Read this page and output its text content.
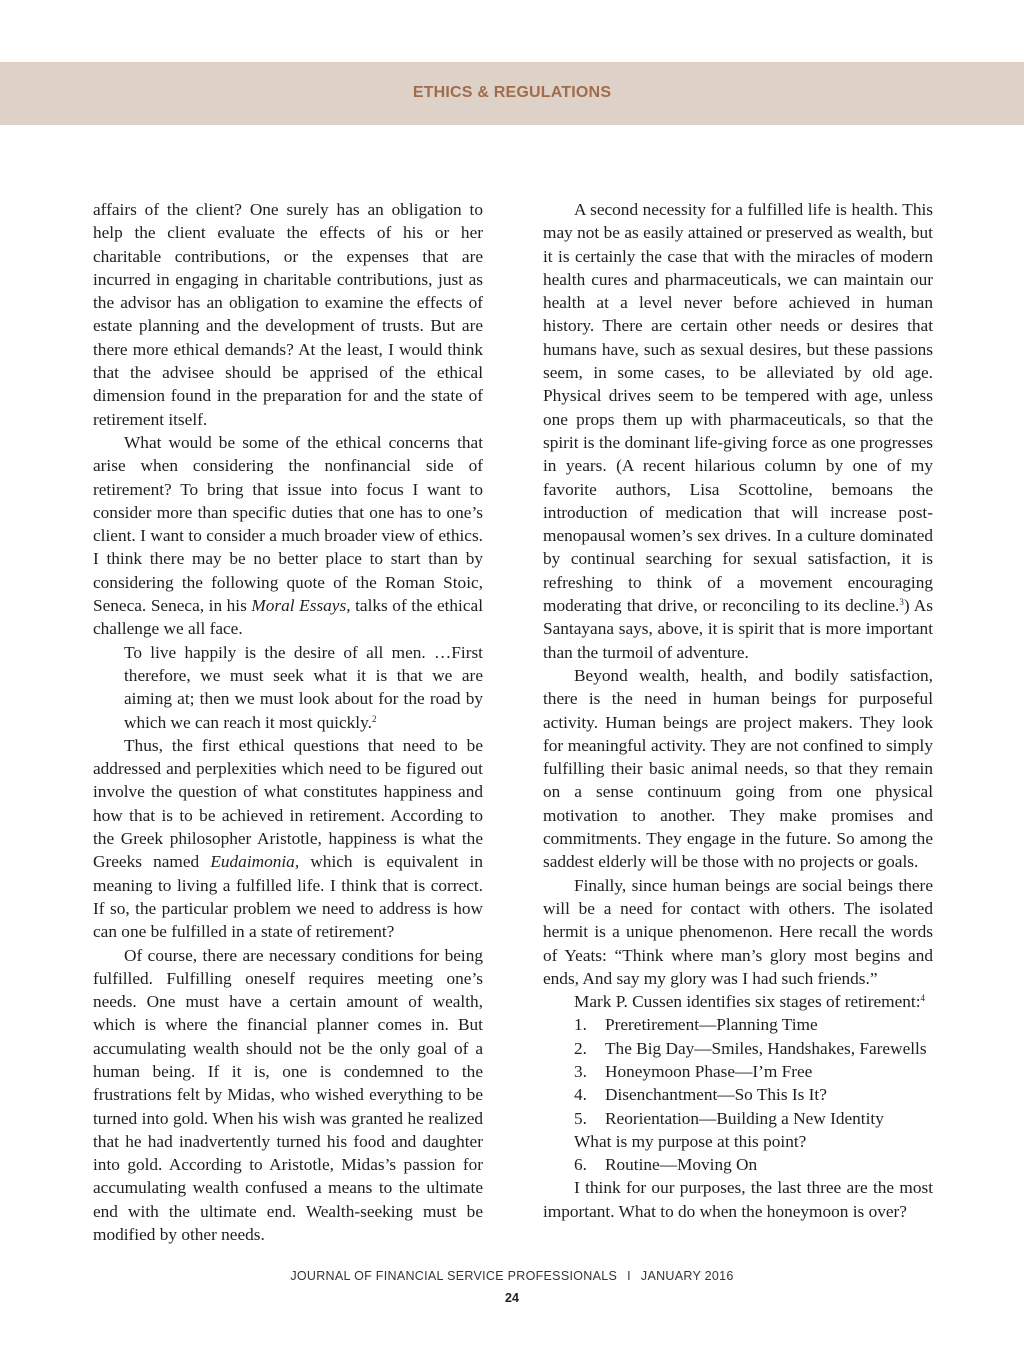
ETHICS & REGULATIONS

affairs of the client? One surely has an obligation to help the client evaluate the effects of his or her charitable contributions, or the expenses that are incurred in engaging in charitable contributions, just as the advisor has an obligation to examine the effects of estate planning and the development of trusts. But are there more ethical demands? At the least, I would think that the advisee should be apprised of the ethical dimension found in the preparation for and the state of retirement itself.

What would be some of the ethical concerns that arise when considering the nonfinancial side of retirement? To bring that issue into focus I want to consider more than specific duties that one has to one’s client. I want to consider a much broader view of ethics. I think there may be no better place to start than by considering the following quote of the Roman Stoic, Seneca. Seneca, in his Moral Essays, talks of the ethical challenge we all face.

To live happily is the desire of all men. …First therefore, we must seek what it is that we are aiming at; then we must look about for the road by which we can reach it most quickly.$^2$

Thus, the first ethical questions that need to be addressed and perplexities which need to be figured out involve the question of what constitutes happiness and how that is to be achieved in retirement. According to the Greek philosopher Aristotle, happiness is what the Greeks named Eudaimonia, which is equivalent in meaning to living a fulfilled life. I think that is correct. If so, the particular problem we need to address is how can one be fulfilled in a state of retirement?

Of course, there are necessary conditions for being fulfilled. Fulfilling oneself requires meeting one’s needs. One must have a certain amount of wealth, which is where the financial planner comes in. But accumulating wealth should not be the only goal of a human being. If it is, one is condemned to the frustrations felt by Midas, who wished everything to be turned into gold. When his wish was granted he realized that he had inadvertently turned his food and daughter into gold. According to Aristotle, Midas’s passion for accumulating wealth confused a means to the ultimate end with the ultimate end. Wealth-seeking must be modified by other needs.

A second necessity for a fulfilled life is health. This may not be as easily attained or preserved as wealth, but it is certainly the case that with the miracles of modern health cures and pharmaceuticals, we can maintain our health at a level never before achieved in human history. There are certain other needs or desires that humans have, such as sexual desires, but these passions seem, in some cases, to be alleviated by old age. Physical drives seem to be tempered with age, unless one props them up with pharmaceuticals, so that the spirit is the dominant life-giving force as one progresses in years. (A recent hilarious column by one of my favorite authors, Lisa Scottoline, bemoans the introduction of medication that will increase post-menopausal women’s sex drives. In a culture dominated by continual searching for sexual satisfaction, it is refreshing to think of a movement encouraging moderating that drive, or reconciling to its decline.$^3$) As Santayana says, above, it is spirit that is more important than the turmoil of adventure.

Beyond wealth, health, and bodily satisfaction, there is the need in human beings for purposeful activity. Human beings are project makers. They look for meaningful activity. They are not confined to simply fulfilling their basic animal needs, so that they remain on a sense continuum going from one physical motivation to another. They make promises and commitments. They engage in the future. So among the saddest elderly will be those with no projects or goals.

Finally, since human beings are social beings there will be a need for contact with others. The isolated hermit is a unique phenomenon. Here recall the words of Yeats: “Think where man’s glory most begins and ends, And say my glory was I had such friends.”

Mark P. Cussen identifies six stages of retirement:$^4$

1. Preretirement—Planning Time

2. The Big Day—Smiles, Handshakes, Farewells

3. Honeymoon Phase—I’m Free

4. Disenchantment—So This Is It?

5. Reorientation—Building a New Identity

What is my purpose at this point?

6. Routine—Moving On

I think for our purposes, the last three are the most important. What to do when the honeymoon is over?

JOURNAL OF FINANCIAL SERVICE PROFESSIONALS I JANUARY 2016
24
